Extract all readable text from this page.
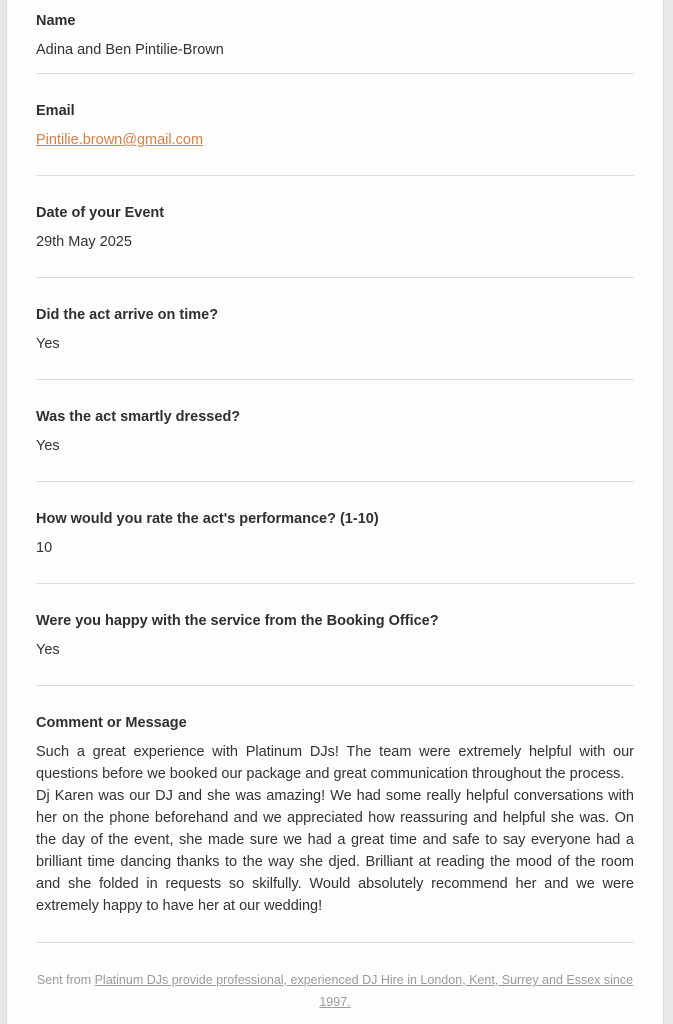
Name
Adina and Ben Pintilie-Brown
Email
Pintilie.brown@gmail.com
Date of your Event
29th May 2025
Did the act arrive on time?
Yes
Was the act smartly dressed?
Yes
How would you rate the act's performance? (1-10)
10
Were you happy with the service from the Booking Office?
Yes
Comment or Message

Such a great experience with Platinum DJs! The team were extremely helpful with our questions before we booked our package and great communication throughout the process.

Dj Karen was our DJ and she was amazing! We had some really helpful conversations with her on the phone beforehand and we appreciated how reassuring and helpful she was. On the day of the event, she made sure we had a great time and safe to say everyone had a brilliant time dancing thanks to the way she djed. Brilliant at reading the mood of the room and she folded in requests so skilfully. Would absolutely recommend her and we were extremely happy to have her at our wedding!

Sent from Platinum DJs provide professional, experienced DJ Hire in London, Kent, Surrey and Essex since 1997.
